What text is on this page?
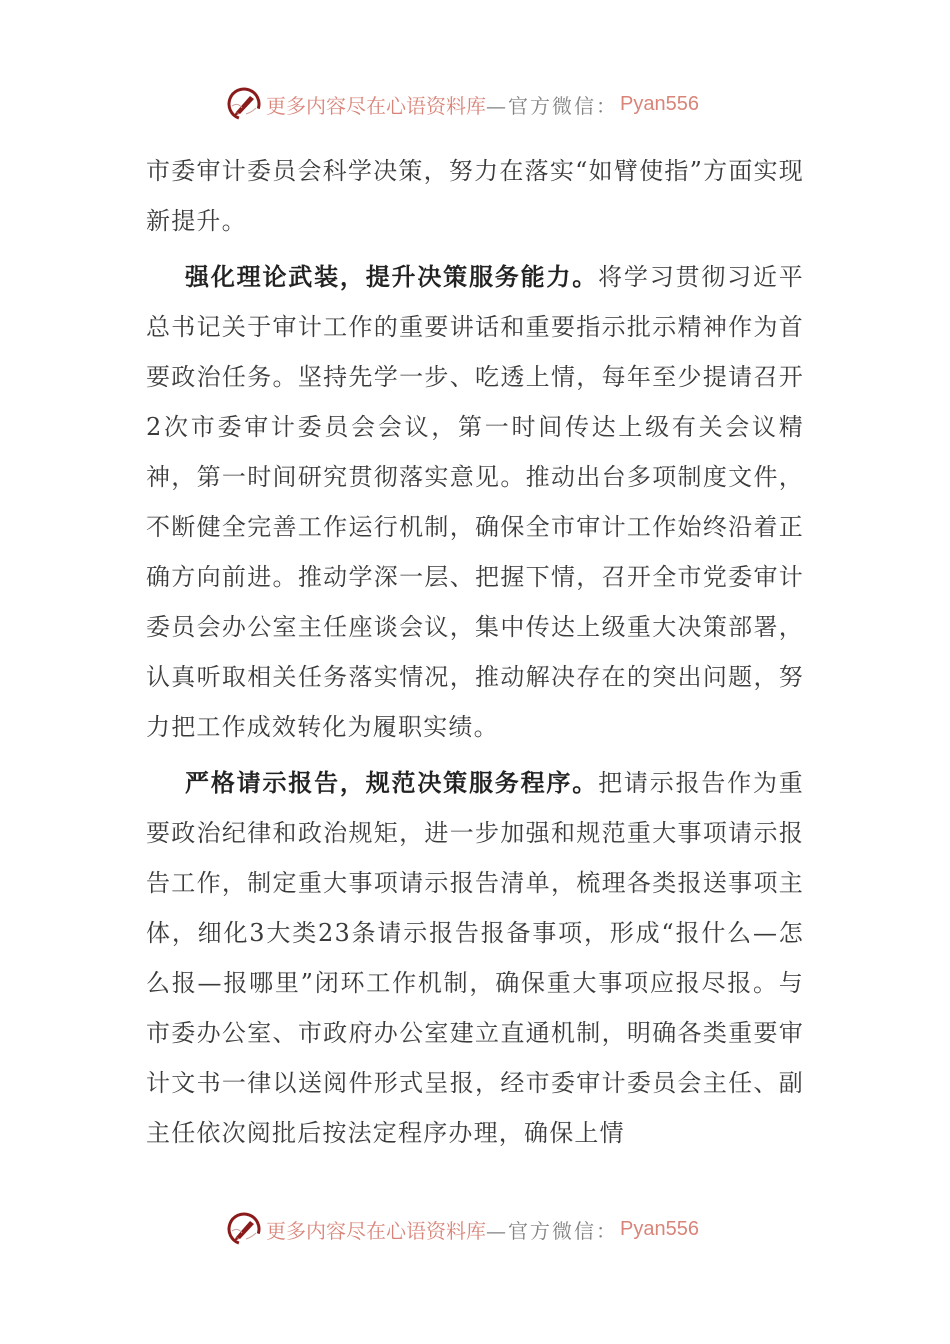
更多内容尽在心语资料库 —官方微信： Pyan556

市委审计委员会科学决策，努力在落实“如臂使指”方面实现新提升。

强化理论武装，提升决策服务能力。将学习贯彻习近平总书记关于审计工作的重要讲话和重要指示批示精神作为首要政治任务。坚持先学一步、吃透上情，每年至少提请召开2次市委审计委员会会议，第一时间传达上级有关会议精神，第一时间研究贯彻落实意见。推动出台多项制度文件，不断健全完善工作运行机制，确保全市审计工作始终沿着正确方向前进。推动学深一层、把握下情，召开全市党委审计委员会办公室主任座谈会议，集中传达上级重大决策部署，认真听取相关任务落实情况，推动解决存在的突出问题，努力把工作成效转化为履职实绩。

严格请示报告，规范决策服务程序。把请示报告作为重要政治纪律和政治规矩，进一步加强和规范重大事项请示报告工作，制定重大事项请示报告清单，梳理各类报送事项主体，细化3大类23条请示报告报备事项，形成“报什么—怎么报—报哪里”闭环工作机制，确保重大事项应报尽报。与市委办公室、市政府办公室建立直通机制，明确各类重要审计文书一律以送阅件形式呈报，经市委审计委员会主任、副主任依次阅批后按法定程序办理，确保上情

更多内容尽在心语资料库 —官方微信： Pyan556
